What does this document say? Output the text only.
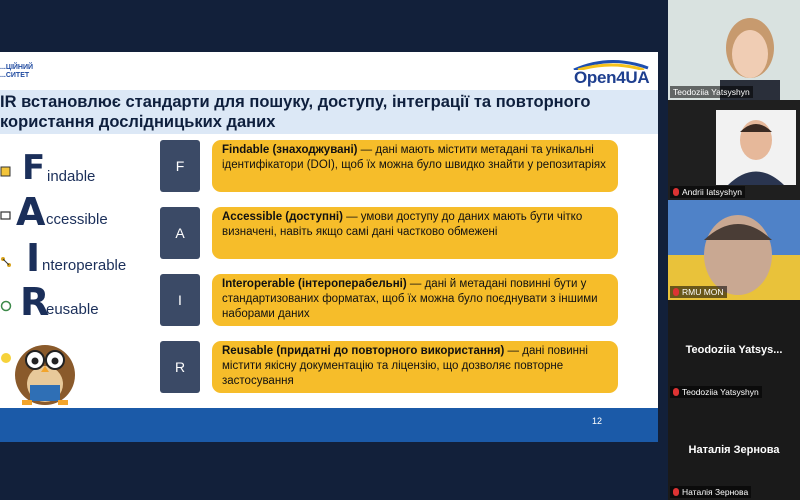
...ЦІЙНИЙ
...СИТЕТ	Open4UA
IR встановлює стандарти для пошуку, доступу, інтеграції та повторного
користання дослідницьких даних
F indable
A ccessible
I nteroperable
R
eusable
F
Findable (знаходжувані) — дані мають містити метадані та унікальні ідентифікатори (DOI), щоб їх можна було швидко знайти у репозитаріях
A
Accessible (доступні) — умови доступу до даних мають бути чітко визначені, навіть якщо самі дані частково обмежені
I
Interoperable (інтероперабельні) — дані й метадані повинні бути у стандартизованих форматах, щоб їх можна було поєднувати з іншими наборами даних
R
Reusable (придатні до повторного використання) — дані повинні містити якісну документацію та ліцензію, що дозволяє повторне застосування
12
Teodoziia Yatsyshyn
Andrii Iatsyshyn
RMU MON
Teodoziia Yatsys...
Teodoziia Yatsyshyn
Наталія Зернова
Наталія Зернова
